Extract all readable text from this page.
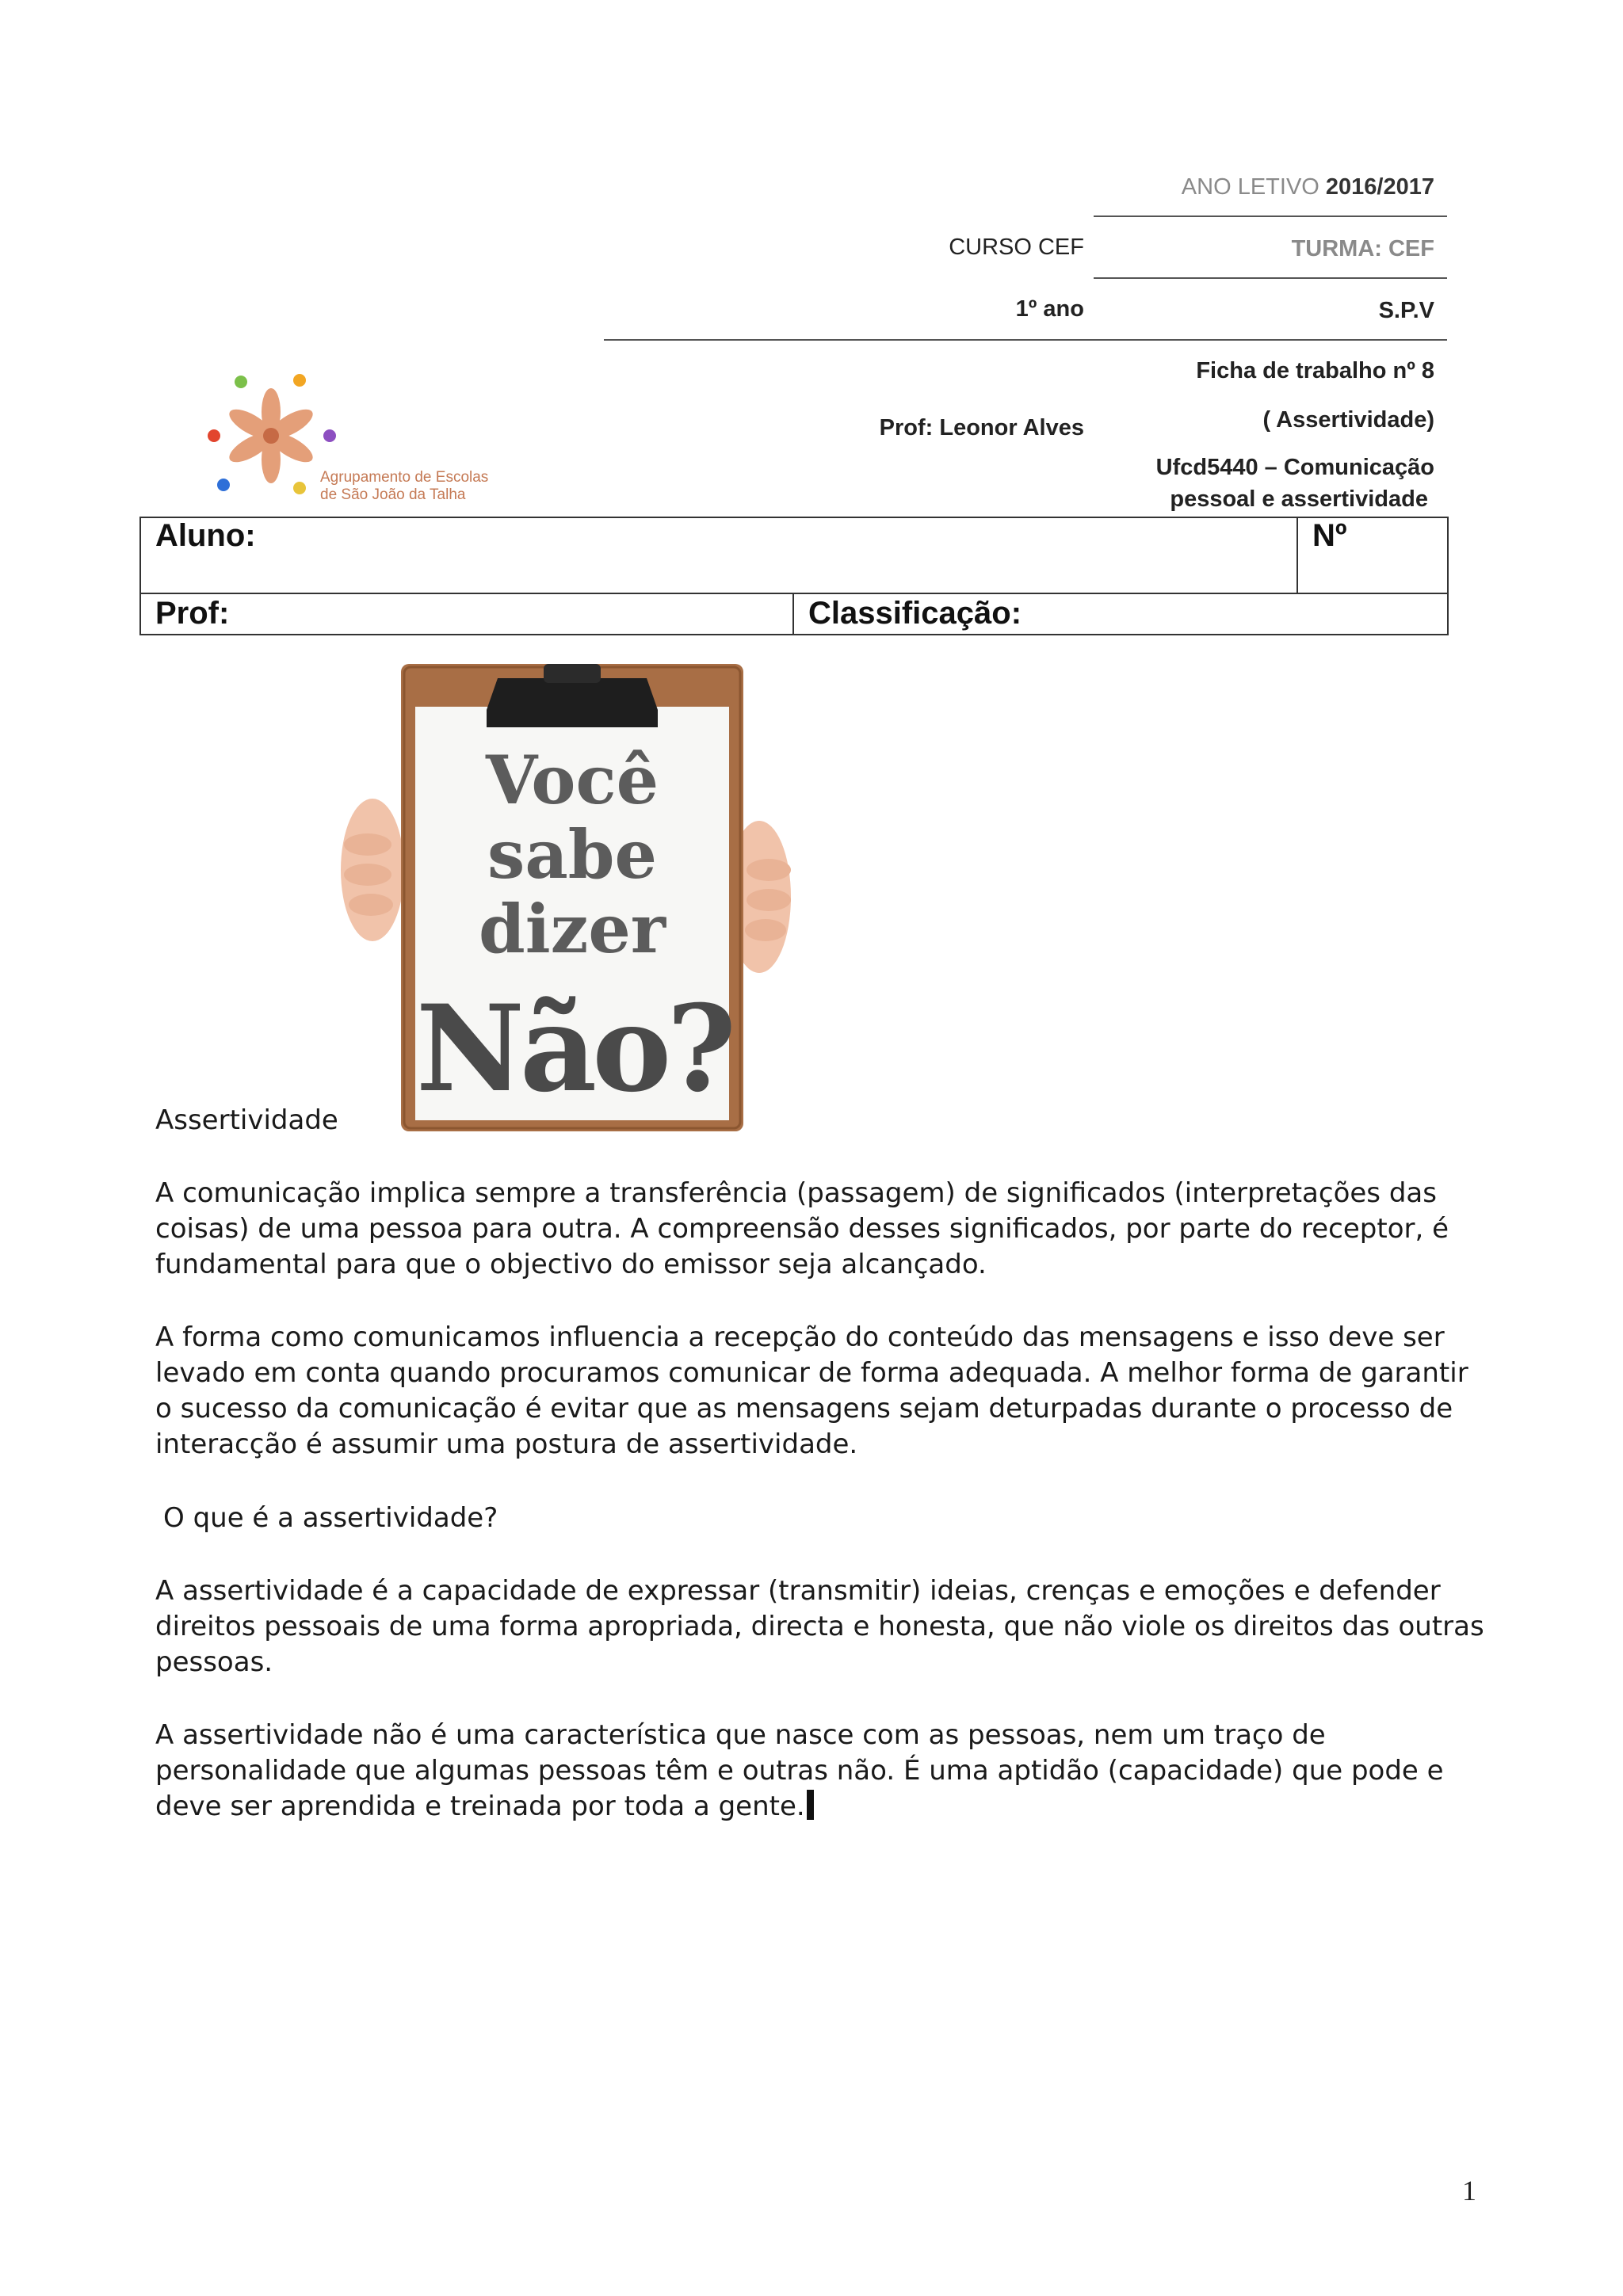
ANO LETIVO 2016/2017
CURSO CEF	TURMA: CEF
1º ano	S.P.V
Ficha de trabalho nº 8
Prof: Leonor Alves	( Assertividade)
Ufcd5440 – Comunicação
pessoal e assertividade
Agrupamento de Escolas
de São João da Talha
Aluno:	Nº
Prof:	Classificação:
Você
sabe
dizer
Não?
Assertividade
A comunicação implica sempre a transferência (passagem) de significados (interpretações das coisas) de uma pessoa para outra. A compreensão desses significados, por parte do receptor, é fundamental para que o objectivo do emissor seja alcançado.
A forma como comunicamos influencia a recepção do conteúdo das mensagens e isso deve ser levado em conta quando procuramos comunicar de forma adequada. A melhor forma de garantir o sucesso da comunicação é evitar que as mensagens sejam deturpadas durante o processo de interacção é assumir uma postura de assertividade.
O que é a assertividade?
A assertividade é a capacidade de expressar (transmitir) ideias, crenças e emoções e defender direitos pessoais de uma forma apropriada, directa e honesta, que não viole os direitos das outras pessoas.
A assertividade não é uma característica que nasce com as pessoas, nem um traço de personalidade que algumas pessoas têm e outras não. É uma aptidão (capacidade) que pode e deve ser aprendida e treinada por toda a gente.
1
